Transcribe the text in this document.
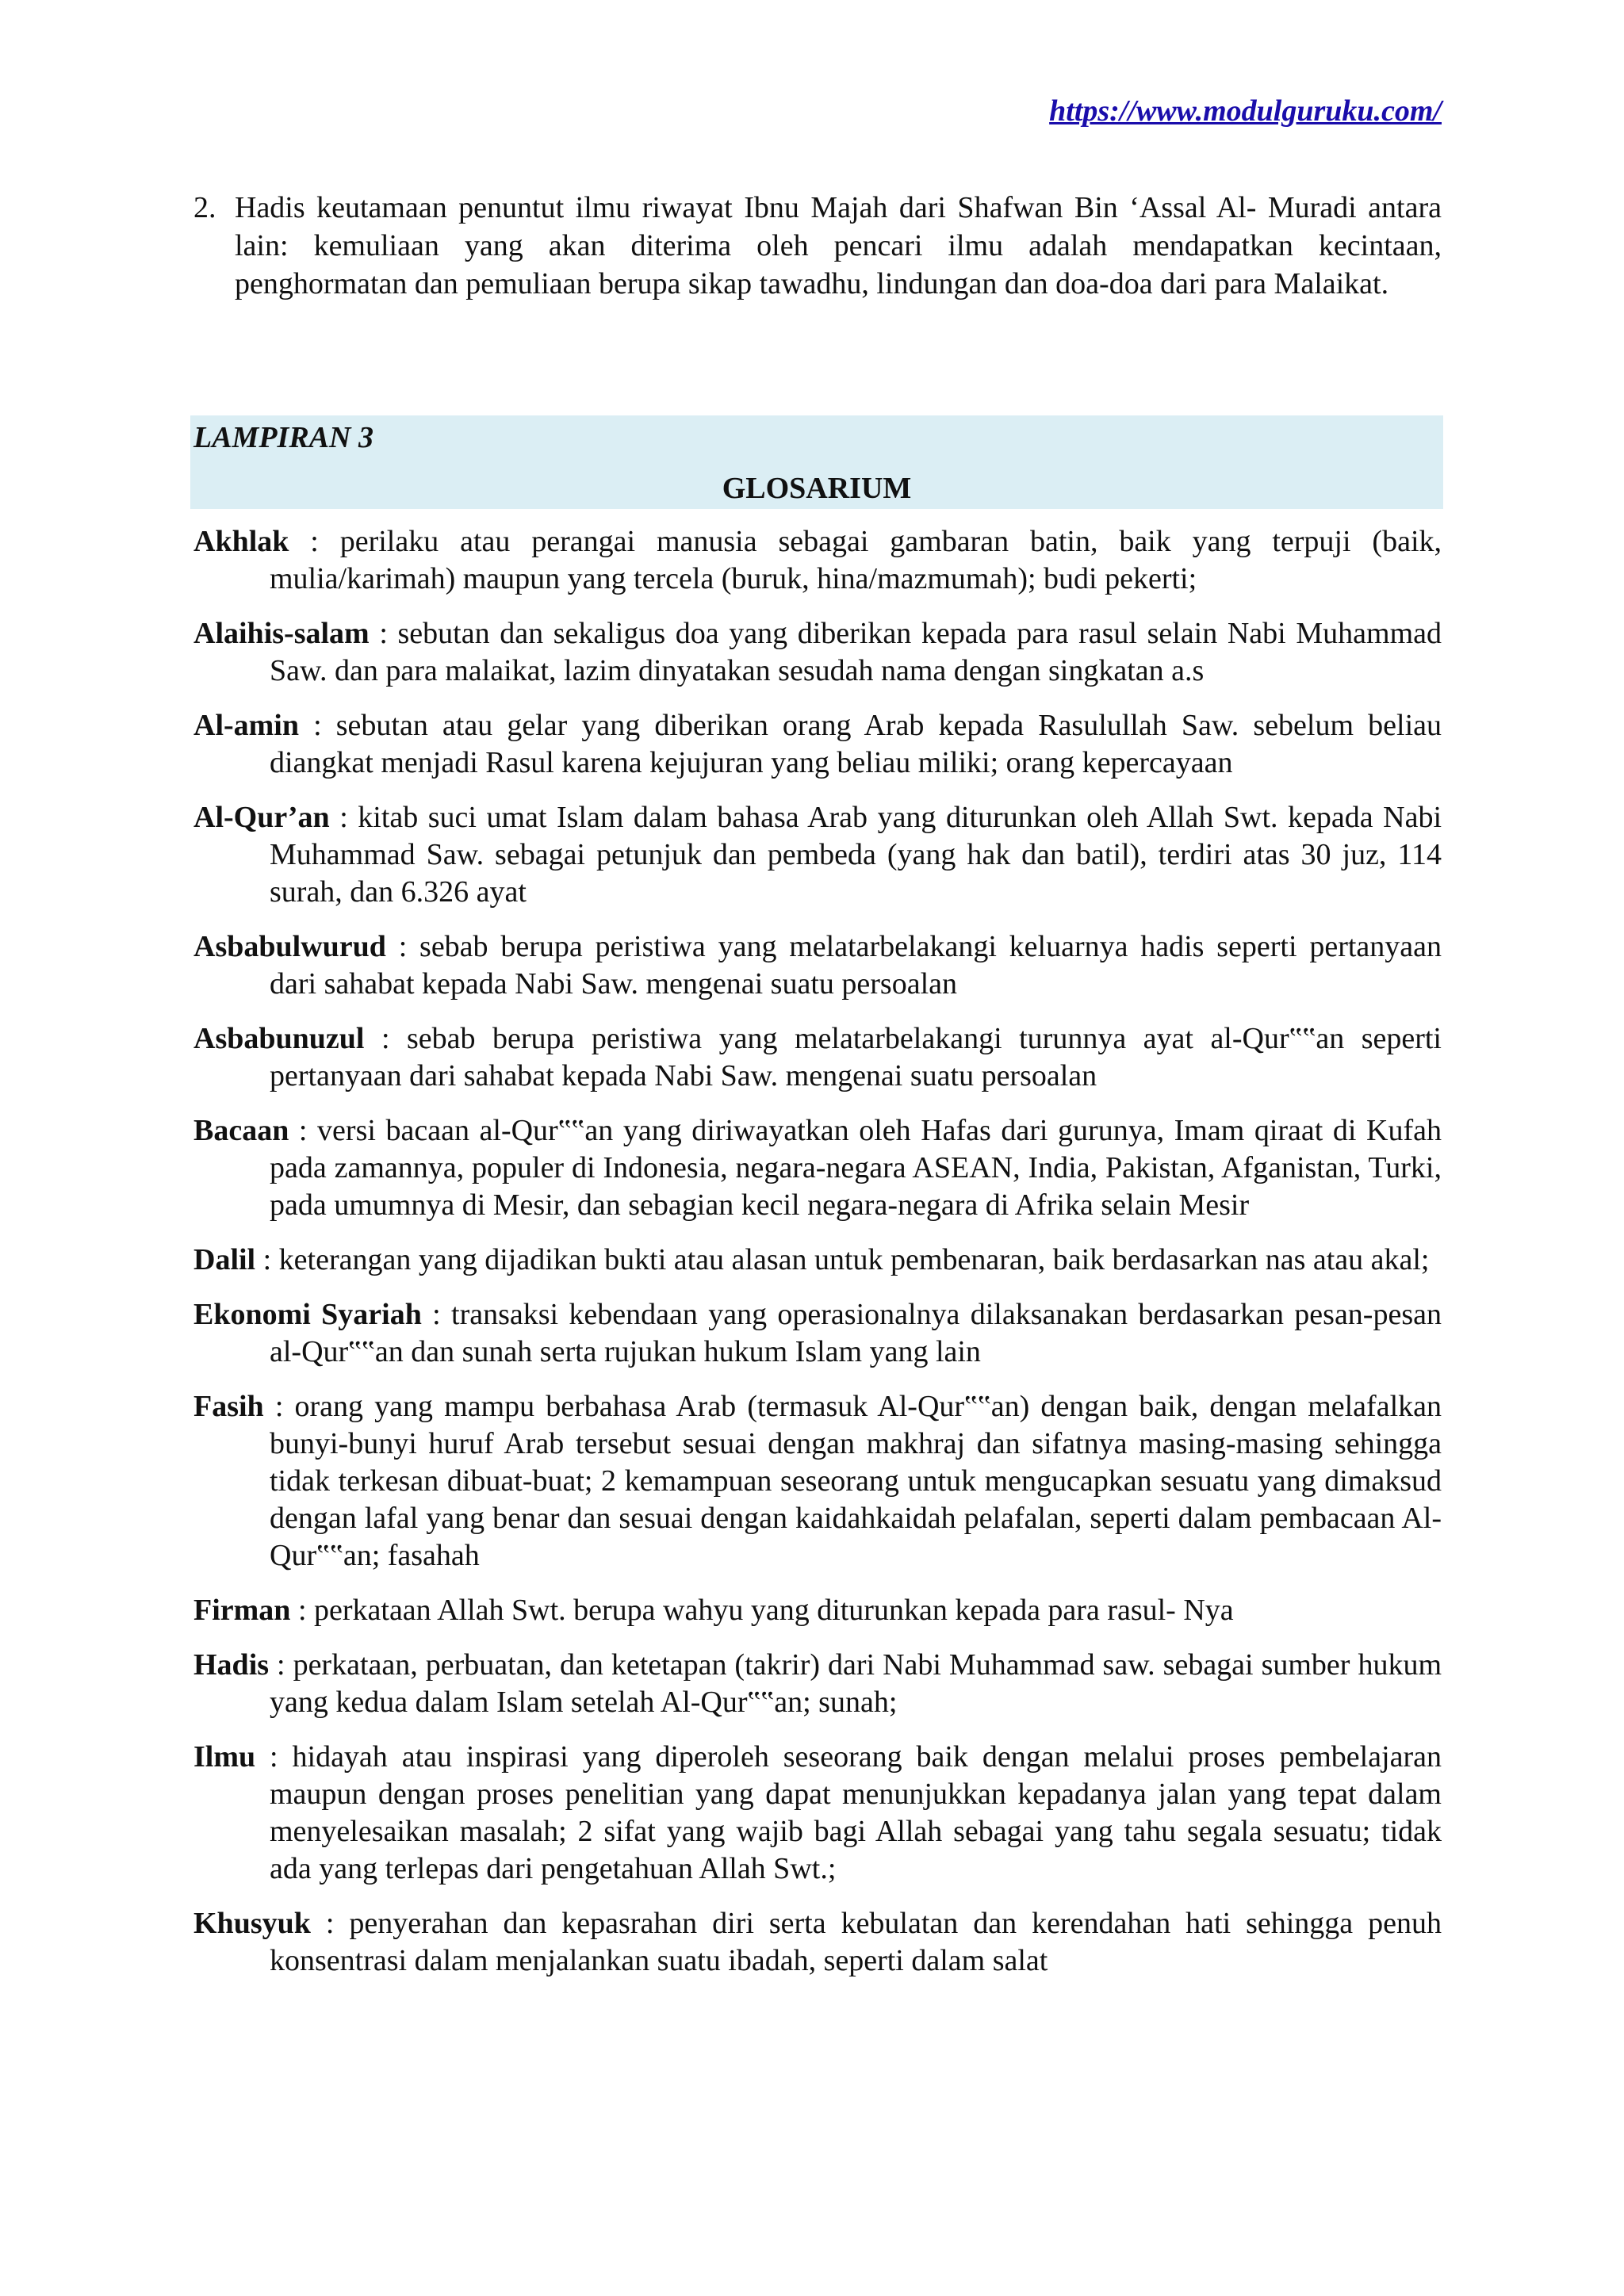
https://www.modulguruku.com/
2. Hadis keutamaan penuntut ilmu riwayat Ibnu Majah dari Shafwan Bin ‘Assal Al- Muradi antara lain: kemuliaan yang akan diterima oleh pencari ilmu adalah mendapatkan kecintaan, penghormatan dan pemuliaan berupa sikap tawadhu, lindungan dan doa-doa dari para Malaikat.
LAMPIRAN 3
GLOSARIUM

Akhlak : perilaku atau perangai manusia sebagai gambaran batin, baik yang terpuji (baik, mulia/karimah) maupun yang tercela (buruk, hina/mazmumah); budi pekerti;

Alaihis-salam : sebutan dan sekaligus doa yang diberikan kepada para rasul selain Nabi Muhammad Saw. dan para malaikat, lazim dinyatakan sesudah nama dengan singkatan a.s

Al-amin : sebutan atau gelar yang diberikan orang Arab kepada Rasulullah Saw. sebelum beliau diangkat menjadi Rasul karena kejujuran yang beliau miliki; orang kepercayaan

Al-Qur’an : kitab suci umat Islam dalam bahasa Arab yang diturunkan oleh Allah Swt. kepada Nabi Muhammad Saw. sebagai petunjuk dan pembeda (yang hak dan batil), terdiri atas 30 juz, 114 surah, dan 6.326 ayat

Asbabulwurud : sebab berupa peristiwa yang melatarbelakangi keluarnya hadis seperti pertanyaan dari sahabat kepada Nabi Saw. mengenai suatu persoalan

Asbabunuzul : sebab berupa peristiwa yang melatarbelakangi turunnya ayat al-Qur‟‟an seperti pertanyaan dari sahabat kepada Nabi Saw. mengenai suatu persoalan

Bacaan : versi bacaan al-Qur‟‟an yang diriwayatkan oleh Hafas dari gurunya, Imam qiraat di Kufah pada zamannya, populer di Indonesia, negara-negara ASEAN, India, Pakistan, Afganistan, Turki, pada umumnya di Mesir, dan sebagian kecil negara-negara di Afrika selain Mesir

Dalil : keterangan yang dijadikan bukti atau alasan untuk pembenaran, baik berdasarkan nas atau akal;

Ekonomi Syariah : transaksi kebendaan yang operasionalnya dilaksanakan berdasarkan pesan-pesan al-Qur‟‟an dan sunah serta rujukan hukum Islam yang lain

Fasih : orang yang mampu berbahasa Arab (termasuk Al-Qur‟‟an) dengan baik, dengan melafalkan bunyi-bunyi huruf Arab tersebut sesuai dengan makhraj dan sifatnya masing-masing sehingga tidak terkesan dibuat-buat; 2 kemampuan seseorang untuk mengucapkan sesuatu yang dimaksud dengan lafal yang benar dan sesuai dengan kaidahkaidah pelafalan, seperti dalam pembacaan Al-Qur‟‟an; fasahah

Firman : perkataan Allah Swt. berupa wahyu yang diturunkan kepada para rasul- Nya

Hadis : perkataan, perbuatan, dan ketetapan (takrir) dari Nabi Muhammad saw. sebagai sumber hukum yang kedua dalam Islam setelah Al-Qur‟‟an; sunah;

Ilmu : hidayah atau inspirasi yang diperoleh seseorang baik dengan melalui proses pembelajaran maupun dengan proses penelitian yang dapat menunjukkan kepadanya jalan yang tepat dalam menyelesaikan masalah; 2 sifat yang wajib bagi Allah sebagai yang tahu segala sesuatu; tidak ada yang terlepas dari pengetahuan Allah Swt.;

Khusyuk : penyerahan dan kepasrahan diri serta kebulatan dan kerendahan hati sehingga penuh konsentrasi dalam menjalankan suatu ibadah, seperti dalam salat
